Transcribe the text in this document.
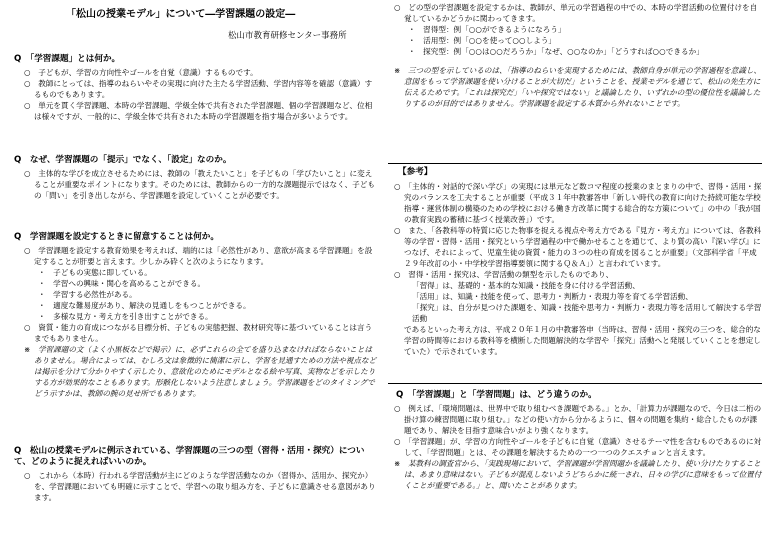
「松山の授業モデル」について―学習課題の設定―
松山市教育研修センター事務所
Q　「学習課題」とは何か。

○　子どもが、学習の方向性やゴールを自覚（意識）するものです。

○　教師にとっては、指導のねらいやその実現に向けた主たる学習活動、学習内容等を確認（意識）するものでもあります。

○　単元を貫く学習課題、本時の学習課題、学級全体で共有された学習課題、個の学習課題など、位相は様々ですが、一般的に、学級全体で共有された本時の学習課題を指す場合が多いようです。

Q　なぜ、学習課題の「提示」でなく、「設定」なのか。

○　主体的な学びを成立させるためには、教師の「教えたいこと」を子どもの「学びたいこと」に変えることが重要なポイントになります。そのためには、教師からの一方的な課題提示ではなく、子どもの「問い」を引き出しながら、学習課題を設定していくことが必要です。

Q　学習課題を設定するときに留意することは何か。

○　学習課題を設定する教育効果を考えれば、端的には「必然性があり、意欲が高まる学習課題」を設定することが肝要と言えます。少しかみ砕くと次のようになります。

・　子どもの実態に即している。
・　学習への興味・関心を高めることができる。
・　学習する必然性がある。
・　適度な難易度があり、解決の見通しをもつことができる。
・　多様な見方・考え方を引き出すことができる。

○　資質・能力の育成につながる目標分析、子どもの実態把握、教材研究等に基づいていることは言うまでもありません。

※　学習課題の文（よく小黒板などで掲示）に、必ずこれらの全てを盛り込まなければならないことはありません。場合によっては、むしろ文は象徴的に簡潔に示し、学習を見通すための方法や視点などは掲示を分けて分かりやすく示したり、意欲化のためにモデルとなる絵や写真、実物などを示したりする方が効果的なこともあります。形骸化しないよう注意しましょう。学習課題をどのタイミングでどう示すかは、教師の腕の見せ所でもあります。

Q　松山の授業モデルに例示されている、学習課題の三つの型（習得・活用・探究）について、どのように捉えればいいのか。

○　これから（本時）行われる学習活動が主にどのような学習活動なのか（習得か、活用か、探究か）を、学習課題においても明確に示すことで、学習への取り組み方を、子どもに意識させる意図があります。

○　どの型の学習課題を設定するかは、教師が、単元の学習過程の中での、本時の学習活動の位置付けを自覚しているかどうかに関わってきます。

・　習得型：例「○○ができるようになろう」
・　活用型：例「○○を使って○○しよう」
・　探究型：例「○○は○○だろうか」「なぜ、○○なのか」「どうすれば○○できるか」

※　三つの型を示しているのは、「指導のねらいを実現するためには、教師自身が単元の学習過程を意識し、意図をもって学習課題を使い分けることが大切だ」ということを、授業モデルを通じて、松山の先生方に伝えるためです。「これは探究だ」「いや探究ではない」と議論したり、いずれかの型の優位性を議論したりするのが目的ではありません。学習課題を設定する本質から外れないことです。

【参考】

○　「主体的・対話的で深い学び」の実現には単元など数コマ程度の授業のまとまりの中で、習得・活用・探究のバランスを工夫することが重要（平成３１年中教審答申「新しい時代の教育に向けた持続可能な学校指導・運営体制の構築のための学校における働き方改革に関する総合的な方策について」の中の「我が国の教育実践の蓄積に基づく授業改善」）です。

○　また、「各教科等の特質に応じた物事を捉える視点や考え方である『見方・考え方』については、各教科等の学習・習得・活用・探究という学習過程の中で働かせることを通じて、より質の高い『深い学び』につなげ、それによって、児童生徒の資質・能力の３つの柱の育成を図ることが重要」（文部科学省「平成２９年改訂の小・中学校学習指導要領に関するＱ＆Ａ」）と言われています。

○　習得・活用・探究は、学習活動の類型を示したものであり、

「習得」は、基礎的・基本的な知識・技能を身に付ける学習活動、

「活用」は、知識・技能を使って、思考力・判断力・表現力等を育てる学習活動、

「探究」は、自分が見つけた課題を、知識・技能や思考力・判断力・表現力等を活用して解決する学習活動

であるといった考え方は、平成２０年１月の中教審答申（当時は、習得・活用・探究の三つを、総合的な学習の時間等における教科等を横断した問題解決的な学習や「探究」活動へと発展していくことを想定していた）で示されています。

Q　「学習課題」と「学習問題」は、どう違うのか。

○　例えば、「環境問題は、世界中で取り組むべき課題である。」とか、「計算力が課題なので、今日は二桁の掛け算の練習問題に取り組む。」などの使い方から分かるように、個々の問題を集約・総合したものが課題であり、解決を目指す意味合いがより強くなります。

○　「学習課題」が、学習の方向性やゴールを子どもに自覚（意識）させるテーマ性を含むものであるのに対して、「学習問題」とは、その課題を解決するための一つ一つのクエスチョンと言えます。

※　某教科の調査官から、「実践現場において、学習課題が学習問題かを議論したり、使い分けたりすることは、あまり意味はない。子どもが混乱しないようどちらかに統一され、日々の学びに意味をもって位置付くことが重要である。」と、聞いたことがあります。
